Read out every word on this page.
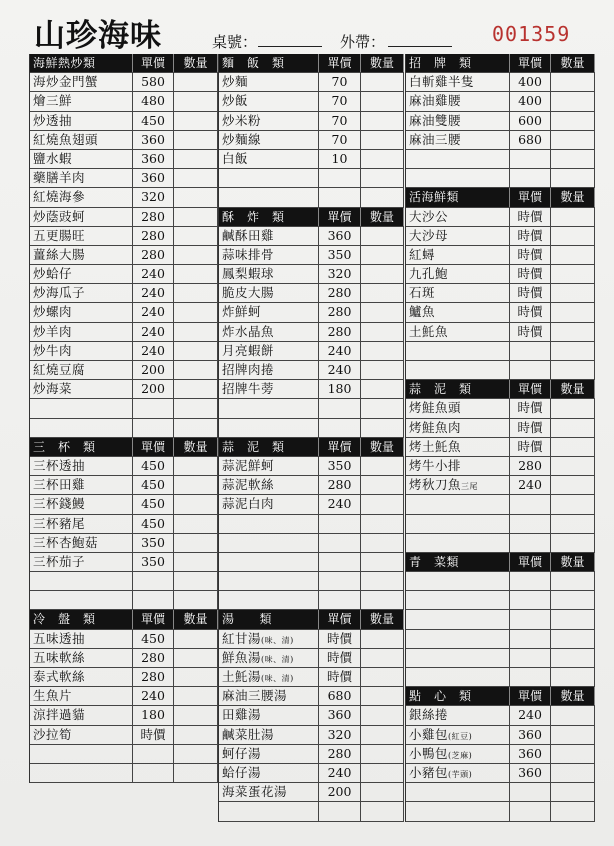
山珍海味	桌號：	外帶：	001359
海鮮熱炒類	單價	數量
海炒金門蟹	580
燴三鮮	480
炒透抽	450
紅燒魚翅頭	360
鹽水蝦	360
藥膳羊肉	360
紅燒海參	320
炒蔭豉蚵	280
五更腸旺	280
薑絲大腸	280
炒蛤仔	240
炒海瓜子	240
炒螺肉	240
炒羊肉	240
炒牛肉	240
紅燒豆腐	200
炒海菜	200
三　杯　類	單價	數量
三杯透抽	450
三杯田雞	450
三杯錢鰻	450
三杯豬尾	450
三杯杏鮑菇	350
三杯茄子	350
冷　盤　類	單價	數量
五味透抽	450
五味軟絲	280
泰式軟絲	280
生魚片	240
涼拌過貓	180
沙拉筍	時價
麵　飯　類	單價	數量
炒麵	70
炒飯	70
炒米粉	70
炒麵線	70
白飯	10
酥　炸　類	單價	數量
鹹酥田雞	360
蒜味排骨	350
鳳梨蝦球	320
脆皮大腸	280
炸鮮蚵	280
炸水晶魚	280
月亮蝦餅	240
招牌肉捲	240
招牌牛蒡	180
蒜　泥　類	單價	數量
蒜泥鮮蚵	350
蒜泥軟絲	280
蒜泥白肉	240
湯　　類	單價	數量
紅甘湯(味、清)	時價
鮮魚湯(味、清)	時價
土魠湯(味、清)	時價
麻油三腰湯	680
田雞湯	360
鹹菜肚湯	320
蚵仔湯	280
蛤仔湯	240
海菜蛋花湯	200
招　牌　類	單價	數量
白斬雞半隻	400
麻油雞腰	400
麻油雙腰	600
麻油三腰	680
活海鮮類	單價	數量
大沙公	時價
大沙母	時價
紅蟳	時價
九孔鮑	時價
石斑	時價
鱸魚	時價
土魠魚	時價
蒜　泥　類	單價	數量
烤鮭魚頭	時價
烤鮭魚肉	時價
烤土魠魚	時價
烤牛小排	280
烤秋刀魚三尾	240
青　菜類	單價	數量
點　心　類	單價	數量
銀絲捲	240
小雞包(紅豆)	360
小鴨包(芝麻)	360
小豬包(芋頭)	360
